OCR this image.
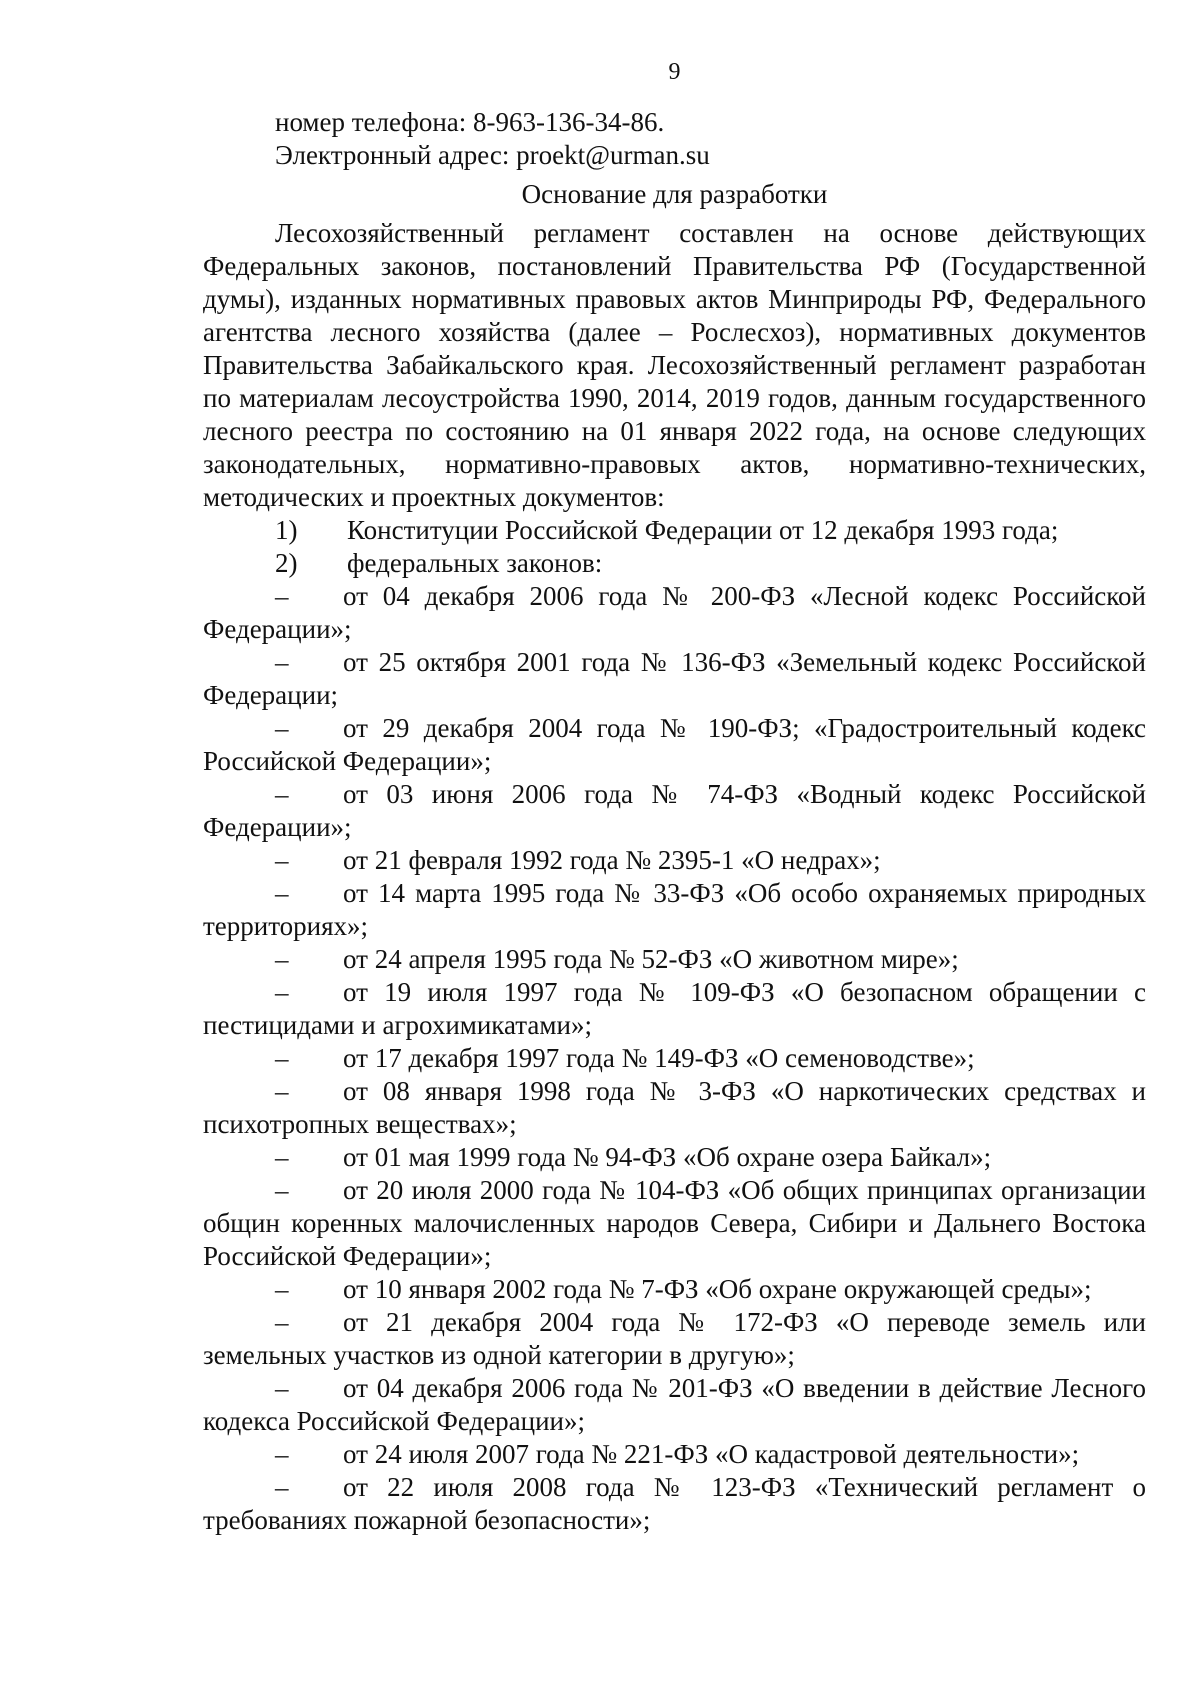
9
номер телефона: 8-963-136-34-86.
Электронный адрес: proekt@urman.su
Основание для разработки
Лесохозяйственный регламент составлен на основе действующих Федеральных законов, постановлений Правительства РФ (Государственной думы), изданных нормативных правовых актов Минприроды РФ, Федерального агентства лесного хозяйства (далее – Рослесхоз), нормативных документов Правительства Забайкальского края. Лесохозяйственный регламент разработан по материалам лесоустройства 1990, 2014, 2019 годов, данным государственного лесного реестра по состоянию на 01 января 2022 года, на основе следующих законодательных, нормативно-правовых актов, нормативно-технических, методических и проектных документов:
1)	Конституции Российской Федерации от 12 декабря 1993 года;
2)	федеральных законов:
– от 04 декабря 2006 года № 200-ФЗ «Лесной кодекс Российской Федерации»;
– от 25 октября 2001 года № 136-ФЗ «Земельный кодекс Российской Федерации;
– от 29 декабря 2004 года № 190-ФЗ; «Градостроительный кодекс Российской Федерации»;
– от 03 июня 2006 года № 74-ФЗ «Водный кодекс Российской Федерации»;
– от 21 февраля 1992 года № 2395-1 «О недрах»;
– от 14 марта 1995 года № 33-ФЗ «Об особо охраняемых природных территориях»;
– от 24 апреля 1995 года № 52-ФЗ «О животном мире»;
– от 19 июля 1997 года № 109-ФЗ «О безопасном обращении с пестицидами и агрохимикатами»;
– от 17 декабря 1997 года № 149-ФЗ «О семеноводстве»;
– от 08 января 1998 года № 3-ФЗ «О наркотических средствах и психотропных веществах»;
– от 01 мая 1999 года № 94-ФЗ «Об охране озера Байкал»;
– от 20 июля 2000 года № 104-ФЗ «Об общих принципах организации общин коренных малочисленных народов Севера, Сибири и Дальнего Востока Российской Федерации»;
– от 10 января 2002 года № 7-ФЗ «Об охране окружающей среды»;
– от 21 декабря 2004 года № 172-ФЗ «О переводе земель или земельных участков из одной категории в другую»;
– от 04 декабря 2006 года № 201-ФЗ «О введении в действие Лесного кодекса Российской Федерации»;
– от 24 июля 2007 года № 221-ФЗ «О кадастровой деятельности»;
– от 22 июля 2008 года № 123-ФЗ «Технический регламент о требованиях пожарной безопасности»;
